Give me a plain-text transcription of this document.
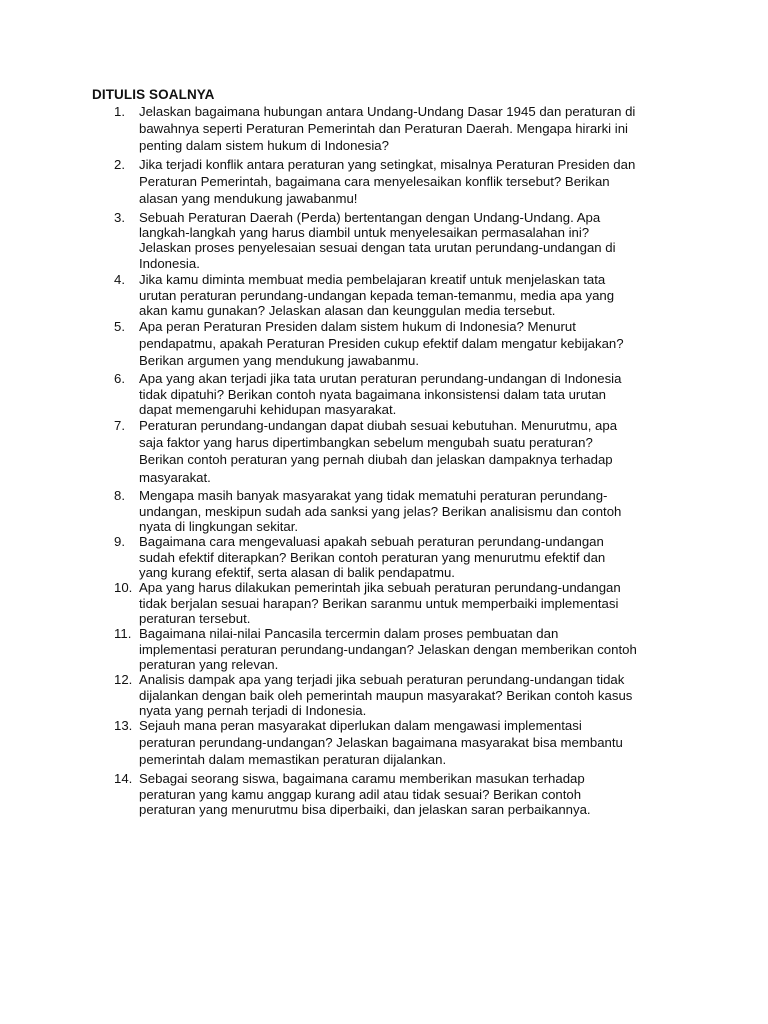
DITULIS SOALNYA
1.	Jelaskan bagaimana hubungan antara Undang-Undang Dasar 1945 dan peraturan di
bawahnya seperti Peraturan Pemerintah dan Peraturan Daerah. Mengapa hirarki ini
penting dalam sistem hukum di Indonesia?
2.	Jika terjadi konflik antara peraturan yang setingkat, misalnya Peraturan Presiden dan
Peraturan Pemerintah, bagaimana cara menyelesaikan konflik tersebut? Berikan
alasan yang mendukung jawabanmu!
3.	Sebuah Peraturan Daerah (Perda) bertentangan dengan Undang-Undang. Apa
langkah-langkah yang harus diambil untuk menyelesaikan permasalahan ini?
Jelaskan proses penyelesaian sesuai dengan tata urutan perundang-undangan di
Indonesia.
4.	Jika kamu diminta membuat media pembelajaran kreatif untuk menjelaskan tata
urutan peraturan perundang-undangan kepada teman-temanmu, media apa yang
akan kamu gunakan? Jelaskan alasan dan keunggulan media tersebut.
5.	Apa peran Peraturan Presiden dalam sistem hukum di Indonesia? Menurut
pendapatmu, apakah Peraturan Presiden cukup efektif dalam mengatur kebijakan?
Berikan argumen yang mendukung jawabanmu.
6.	Apa yang akan terjadi jika tata urutan peraturan perundang-undangan di Indonesia
tidak dipatuhi? Berikan contoh nyata bagaimana inkonsistensi dalam tata urutan
dapat memengaruhi kehidupan masyarakat.
7.	Peraturan perundang-undangan dapat diubah sesuai kebutuhan. Menurutmu, apa
saja faktor yang harus dipertimbangkan sebelum mengubah suatu peraturan?
Berikan contoh peraturan yang pernah diubah dan jelaskan dampaknya terhadap
masyarakat.
8.	Mengapa masih banyak masyarakat yang tidak mematuhi peraturan perundang-
undangan, meskipun sudah ada sanksi yang jelas? Berikan analisismu dan contoh
nyata di lingkungan sekitar.
9.	Bagaimana cara mengevaluasi apakah sebuah peraturan perundang-undangan
sudah efektif diterapkan? Berikan contoh peraturan yang menurutmu efektif dan
yang kurang efektif, serta alasan di balik pendapatmu.
10. Apa yang harus dilakukan pemerintah jika sebuah peraturan perundang-undangan
tidak berjalan sesuai harapan? Berikan saranmu untuk memperbaiki implementasi
peraturan tersebut.
11. Bagaimana nilai-nilai Pancasila tercermin dalam proses pembuatan dan
implementasi peraturan perundang-undangan? Jelaskan dengan memberikan contoh
peraturan yang relevan.
12. Analisis dampak apa yang terjadi jika sebuah peraturan perundang-undangan tidak
dijalankan dengan baik oleh pemerintah maupun masyarakat? Berikan contoh kasus
nyata yang pernah terjadi di Indonesia.
13. Sejauh mana peran masyarakat diperlukan dalam mengawasi implementasi
peraturan perundang-undangan? Jelaskan bagaimana masyarakat bisa membantu
pemerintah dalam memastikan peraturan dijalankan.
14. Sebagai seorang siswa, bagaimana caramu memberikan masukan terhadap
peraturan yang kamu anggap kurang adil atau tidak sesuai? Berikan contoh
peraturan yang menurutmu bisa diperbaiki, dan jelaskan saran perbaikannya.
